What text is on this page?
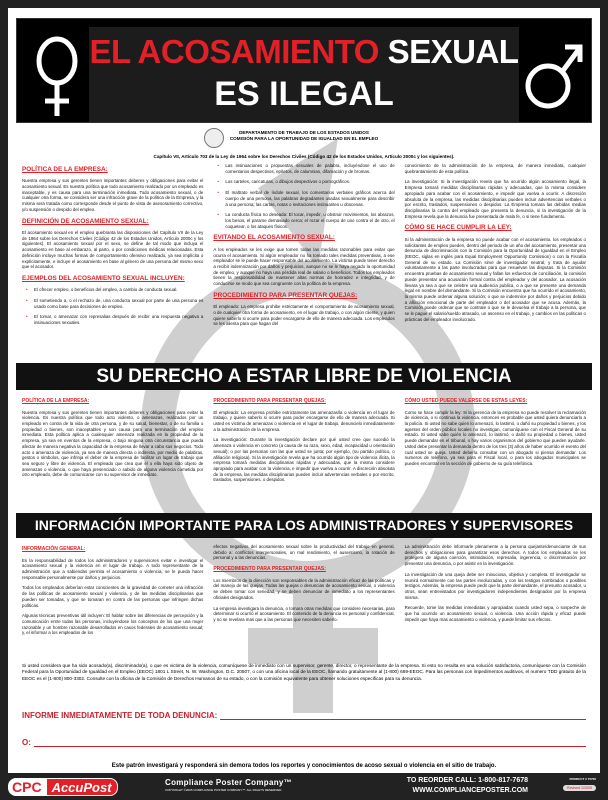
EL ACOSAMIENTO SEXUAL
ES ILEGAL
DEPARTAMENTO DE TRABAJO DE LOS ESTADOS UNIDOS
COMISIÓN PARA LA OPORTUNIDAD DE IGUALDAD EN EL EMPLEO
Capítulo VII, Artículo 703 de la Ley de 1964 sobre los Derechos Civiles (Código 42 de los Estados Unidos, Artículo 2000c y los siguientes).
POLÍTICA DE LA EMPRESA:

Nuestra empresa y sus gerentes tienen importantes deberes y obligaciones para evitar el acosamiento sexual. Es nuestra política que todo acosamiento realizado por un empleado es inaceptable, y es causa para una terminación inmediata. Todo acosamiento sexual, o de cualquier otra forma, se considera ser una infracción grave de la política de la Empresa, y la misma sera tratada como corresponde desde el punto de vista de asesoramiento correctivo, y/o suspensión o despido del empleo.

DEFINICIÓN DE ACOSAMIENTO SEXUAL:

El acosamiento sexual en el empleo quebranta las disposiciones del Capítulo VII de la Ley de 1964 sobre los Derechos Civiles (Código 42 de los Estados Unidos, Artículo 2000c y los siguientes). El acosamiento sexual por el sexo, se define de tal modo que incluya el acosamiento en base al embarazo, al parto, o por condiciones médicas relacionadas. Esta definición incluye muchas formas de comportamiento ofensivo realizado, ya sea implícita o explícitamente, e incluye el acosamiento en base al género de una persona del mismo sexo que el acosador.

EJEMPLOS DEL ACOSAMIENTO SEXUAL INCLUYEN:
• El ofrecer empleo, o beneficios del empleo, a cambio de conducta sexual.
• El sometiendo a, o el rechazo de, una conducta sexual por parte de una persona es usado como base para decisiones de empleo.
• El tomar, o amenazar con represalias después de recibir una respuesta negativa a insinuaciones sexuales.
• Las insinuaciones o propuestas sexuales de palabra, incluyéndose el uso de comentarios despectivos, epítetos, de calumnias, difamación y de bromas.
• Los carteles, caricaturas, o dibujos despectivos o pornográficos.
• El maltrato verbal de índole sexual, los comentarios verbales gráficos acerca del cuerpo de una persona, las palabras degradantes usadas sexualmente para describir a una persona; las cartas, notas o invitaciones insinuantes u obscenas.
• La conducta física no deseada: El tocar, impedir, u obstruir movimientos, los abrazos, los besos, el pararse demasiado cerca; el rozar el cuerpo de uno contra el de otro, el coquetear, o los ataques físicos.
EVITANDO EL ACOSAMIENTO SEXUAL:

A los empleados se les exige que tomen todas las medidas razonables para evitar que ocurra el acosamiento. Si algún empleador no ha tomado tales medidas preventivas, a ese empleador se le puede hacer responsable del acosamiento. La víctima puede tener derecho a recibir indemnización por daños y perjuicios, aunque no se le haya negado la oportunidad de empleo, y aunque no haya una pérdida real de salario o beneficios. Todos los empleados tienen la responsabilidad de mantener altas normas de honradez e integridad, y de conducirse se modo que sea congruente con la política de la empresa.

PROCEDIMIENTO PARA PRESENTAR QUEJAS:

El empleado: La empresa prohibe estrictamente el comportamiento de acosamiento sexual, o de cualquier otra forma de acosamiento, en el lugar de trabajo, o con algún cliente, y quien quiere saberlo si ocurre para poder encargarse de ello de manera adecuada. Los empleados se les alienta para que hagan del

conocimiento de la administración de la empresa, de manera inmediata, cualquier quebrantamiento de esta política.

La investigación: Si la investigación revela que ha ocurrido algún acosamiento ilegal, la Empresa tomará medidas disciplinarias rápidas y adecuadas, que la misma considere apropiado para acabar con el acosamiento, e impedir que vuelva a ocurrir. A discreción absoluta de la empresa, las medidas disciplinarias pueden incluir advertencias verbales o por escrito, traslados, suspensiones o despidos. La Empresa tomara las debidas medias disciplinarias la contra del empleado que presenta la denuncia, si la investigación de la Empresa revela que la denuncia fue presentada de mala fe, o si tiene fundamento.

CÓMO SE HACE CUMPLIR LA LEY:

Si la administración de la empresa no puede acabar con el acosamiento, los empleados o solicitantes de empleo pueden, dentro del periodo de un año del acosamiento, presentar una denuncia de discriminación con la Comisión para la Oportunidad de Igualdad en el Empleo (EEOC, siglas en inglés para Equal Employment Opportunity Comission) o con la Fiscalía General de su estado. La Comisión sirve de investigador neutral, y trata de ayudar voluntariamente a las parte involucradas para que resuelvan las disputas. Si la Comisión encuentra pruebas de acosamiento sexual y fallan los esfuerzos de conciliación, la comisión puede presentar una acusación formal contra del empleador y del acosador. La acusación llevara ya sea a que se celebre una audiencia publica, o a que se presente una demanda legal en nombre del demandante. Si la Comisión encuentra que ha ocurrido el acosamiento, la misma puede ordenar alguna solución; o que se indemnice por daños y perjuicios debido a aflicción emocional de parte del empleador o del acosador que se acusa. Además, la Comisión puede ordenar que se contrate o que se le devuelva el trabajo a la persona, que se le pague el salario/sueldo atrasado, un ascenso en el trabajo, y cambios en las políticas o prácticas del empleador involucrado.

SU DERECHO A ESTAR LIBRE DE VIOLENCIA
POLÍTICA DE LA EMPRESA:

Nuestra empresa y sus gerentes tienen importantes deberes y obligaciones para evitar la violencia. Es nuestra política que todo acto violento, o amenazas, realizados por un empleado en contra de la vida de otra persona, y de su salud, bienestar, o de su familia o propiedad o bienes, son inaceptables y son causa para una terminación del empleo inmediata. Esta política aplica a cualesquier amenaza realizada en la propiedad de la empresa, ya sea en eventos de la empresa, o bajo ninguna otra circunstancia que pueda afectar de manera negativa la capacidad de la empresa de llevar a cabo sus negocios. Todo acto o amenaza de violencia, ya sea de manera directa o indirecta, por medio de palabras, gestos o símbolos, que infrinja el deber de la empresa de facilitar un lugar de trabajo que sea seguro y libre de violencia. El empleado que crea que él o ella haya sido objeto de amenazas o violencia, o que haya presenciado o sabido de alguna violencia cometida por otro empleado, debe de comunicarse con su supervisor de inmediato.

PROCEDIMIENTO PARA PRESENTAR QUEJAS:

El empleado: La empresa prohibe estrictamente las amenazas/la o violencia en el lugar de trabajo, y quiere saberlo si ocurre para poder encargarse de ello de manera adecuada. Si usted es victima de amenazas o violencia en el lugar de trabajo, denuncielo inmediatamente a la administración de la empresa.

La investigación: Durante la investigación declare por qué usted cree que sucedió la amenaza o violencia en concreto (a causa de su raza, sexo, edad, incapacidad u orientación sexual); o por las personas con las que usted se junta; por ejemplo, (su partido político, o afiliación religiosa). Si la investigación revela que ha ocurrido algún tipo de violencia ilícita, la empresa tomará medidas disciplinarias rápidas y adecuadas, que la misma considere apropiado para acabar con la violencia, e impedir que vuelva a ocurrir. A discreción absoluta de la empresa, las medidas disciplinarias pueden incluir advertencias verbales o por escrito, traslados, suspensiones, o despidos.

CÓMO USTED PUEDE VALERSE DE ESTAS LEYES:

Como se hace cumplir la ley: Si la gerencia de la empresa no puede resolver la reclamación de violencia, o si continua la violencia, entonces es probable que usted quiera denunciarlo a la policía. Si usted no sabe quien lo amenazó, lo lastimó, o dañó su propiedad o bienes, y los agentes del orden público locales no investigan, comuníquese con el Fiscal General de su estado. Si usted sabe quién lo amenazó, lo lastimó, o dañó su propiedad o bienes, usted puede demandar en el tribunal, o hay varios organismos del gobierno que pueden ayudarle. Usted debe presentar la demanda dentro de los tres (3) años de haber ocurrido el evento del cual usted se queja. Usted debería consultar con un abogado si piensa demandar. Los numeros de teléfono, ya sea para el Fiscal local, o para los abogados municipales se pueden encontrar en la sección de gobierno de su guía telefónica.

INFORMACIÓN IMPORTANTE PARA LOS ADMINISTRADORES Y SUPERVISORES
INFORMACIÓN GENERAL:

Es la responsabilidad de todos los administradores y supervisores evitar e investigar el acosamiento sexual y la violencia en el lugar de trabajo. A todo representante de la administración que a sabiendas permita el acosamiento o violencia, se le pueda hacer responsable personalmente por daños y perjuicios.

Todos los empleados deberían estar conscientes de la gravedad de cometer una infracción de las políticas de acosamiento sexual y violencia, y de las medidas disciplinarias que pueden ser tomadas, y que se tomaran en contra de las personas que infringen dichas políticas.

Algunas técnicas preventivas útil incluyen: El hablar sobre las diferencias de percepción y la comunicación entre todas las personas, incluyéndose los conceptos de los que una mujer razonable y un hombre razonable desarrollados en casos federales de acosamiento sexual; y, el informar a los empleados de los

efectos negativos del acosamiento sexual sobre la productividad del trabajo en general, debido a: conflictos interpersonales, un mal rendimiento, el ausentismo, la rotación de personal y a las denuncias.

PROCEDIMIENTO PARA PRESENTAR QUEJAS:

Los miembros de la dirección son responsables de la administración eficaz de las políticas y del manejo de las quejas. Todas las quejas o denuncias de acosamiento sexual, o violencia se deben tomar con seriedad, y se deben denunciar de inmediato a los representantes oficiales designados.

La empresa investigara la denuncia, o tomara otras medidas que considere necesarias, para determinar si ocurrió el acosamiento. El contenido de la denuncia es personal y confidencial, y no se revelara mas que a las personas que necesiten saberlo.

La administración debe informarle plenamente a la persona quejante/denunciante de sus derechos y obligaciones para garantizar esos derechos. A todos los empleados se les protegera de alguna coerción, intimidación, represalia, ingerencia, o discriminación por presentar una denuncia, o por asistir en la investigación.

La investigación de una queja debe ser minuciosa, objetiva y completa. El investigador se reunirá normalmente con las partes involucradas, y con los testigos nombrados o posibles testigos. Además, la empresa puede pedir que la parte demandante, el presunto acosador, u otros, sean entrevistados por investigadores independientes designados por la empresa misma.

Recuerde, tome las medidas inmediatas y apropiadas cuando usted sepa, o sospeche de que ha ocurrido un acosamiento sexual, o violencia. Una acción rápida y eficaz puede impedir que haya mas acosamiento o violencia, y puede limitar sus efectos.

Si usted considera que ha sido acosado(a), discriminado(a), o que es victima de la violencia, comuníquese de inmediato con un supervisor, gerente, director, o representante de la empresa. Si esto no resulta en una solución satisfactoria, comuníquese con la Comisión Federal para la Oportunidad de Igualdad en el Empleo (EEOC) 1801 L Street, N. W. Washington, D.C. 20507, o con una oficina local de la EEOC, llamando gratuitamente al (1-800) 669-EEOC. Para las personas con impedimentos auditivos, el numero TDD gratuito de la EEOC es el (1-800) 800-3302. Consulte con la oficina de la Comisión de Derechos Humanos de su estado, o con la comisión equivalente para obtener soluciones especificas para su denuncia.
INFORME INMEDIATAMENTE DE TODA DENUNCIA:
O:
Este patrón investigará y responderá sin demora todos los reportes y conocimientos de acoso sexual o violencia en el sitio de trabajo.
CPC AccuPost	Compliance Poster Company™
COPYRIGHT ©2005 COMPLIANCE POSTER COMPANY™. ALL RIGHTS RESERVED.
TO REORDER CALL: 1-800-817-7678
WWW.COMPLIANCEPOSTER.COM
PRODUCT # 75700
Revised 1/2005
